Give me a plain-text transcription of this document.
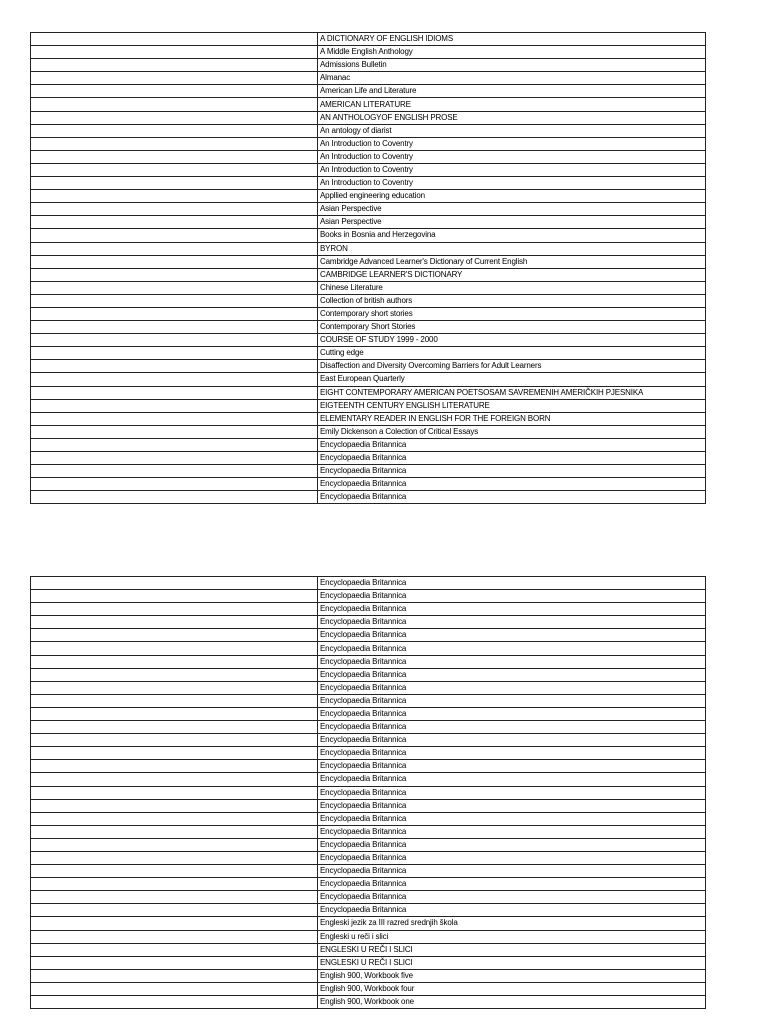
	A DICTIONARY OF ENGLISH IDIOMS
	A Middle English Anthology
	Admissions Bulletin
	Almanac
	American Life and Literature
	AMERICAN LITERATURE
	AN ANTHOLOGYOF ENGLISH PROSE
	An antology of diarist
	An Introduction to Coventry
	An Introduction to Coventry
	An Introduction to Coventry
	An Introduction to Coventry
	Appllied engineering education
	Asian Perspective
	Asian Perspective
	Books in Bosnia and Herzegovina
	BYRON
	Cambridge Advanced Learner's Dictionary of Current English
	CAMBRIDGE LEARNER'S DICTIONARY
	Chinese Literature
	Collection of british authors
	Contemporary short stories
	Contemporary Short Stories
	COURSE OF STUDY 1999 - 2000
	Cutting edge
	Disaffection and Diversity Overcoming Barriers for Adult Learners
	East European Quarterly
	EIGHT CONTEMPORARY AMERICAN POETSOSAM SAVREMENIH AMERIČKIH PJESNIKA
	EIGTEENTH CENTURY ENGLISH LITERATURE
	ELEMENTARY READER IN ENGLISH FOR THE FOREIGN BORN
	Emily Dickenson a Colection of Critical Essays
	Encyclopaedia Britannica
	Encyclopaedia Britannica
	Encyclopaedia Britannica
	Encyclopaedia Britannica
	Encyclopaedia Britannica
	Encyclopaedia Britannica
	Encyclopaedia Britannica
	Encyclopaedia Britannica
	Encyclopaedia Britannica
	Encyclopaedia Britannica
	Encyclopaedia Britannica
	Encyclopaedia Britannica
	Encyclopaedia Britannica
	Encyclopaedia Britannica
	Encyclopaedia Britannica
	Encyclopaedia Britannica
	Encyclopaedia Britannica
	Encyclopaedia Britannica
	Encyclopaedia Britannica
	Encyclopaedia Britannica
	Encyclopaedia Britannica
	Encyclopaedia Britannica
	Encyclopaedia Britannica
	Encyclopaedia Britannica
	Encyclopaedia Britannica
	Encyclopaedia Britannica
	Encyclopaedia Britannica
	Encyclopaedia Britannica
	Encyclopaedia Britannica
	Encyclopaedia Britannica
	Encyclopaedia Britannica
	Engleski jezik za III razred srednjih škola
	Engleski u reči i slici
	ENGLESKI U REČI I SLICI
	ENGLESKI U REČI I SLICI
	English 900, Workbook five
	English 900, Workbook four
	English 900, Workbook one
